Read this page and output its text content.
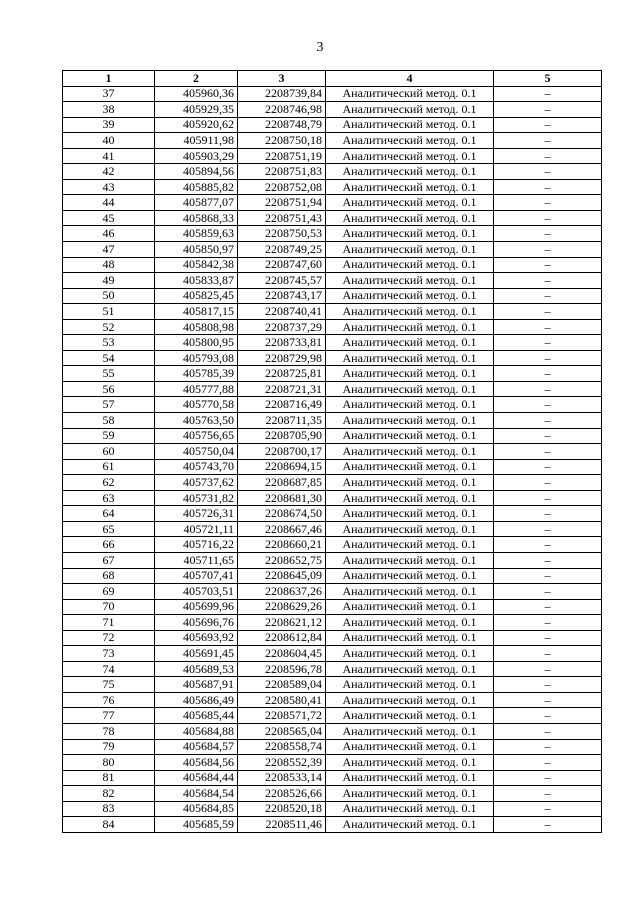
3
1	2	3	4	5
37	405960,36	2208739,84	Аналитический метод. 0.1	–
38	405929,35	2208746,98	Аналитический метод. 0.1	–
39	405920,62	2208748,79	Аналитический метод. 0.1	–
40	405911,98	2208750,18	Аналитический метод. 0.1	–
41	405903,29	2208751,19	Аналитический метод. 0.1	–
42	405894,56	2208751,83	Аналитический метод. 0.1	–
43	405885,82	2208752,08	Аналитический метод. 0.1	–
44	405877,07	2208751,94	Аналитический метод. 0.1	–
45	405868,33	2208751,43	Аналитический метод. 0.1	–
46	405859,63	2208750,53	Аналитический метод. 0.1	–
47	405850,97	2208749,25	Аналитический метод. 0.1	–
48	405842,38	2208747,60	Аналитический метод. 0.1	–
49	405833,87	2208745,57	Аналитический метод. 0.1	–
50	405825,45	2208743,17	Аналитический метод. 0.1	–
51	405817,15	2208740,41	Аналитический метод. 0.1	–
52	405808,98	2208737,29	Аналитический метод. 0.1	–
53	405800,95	2208733,81	Аналитический метод. 0.1	–
54	405793,08	2208729,98	Аналитический метод. 0.1	–
55	405785,39	2208725,81	Аналитический метод. 0.1	–
56	405777,88	2208721,31	Аналитический метод. 0.1	–
57	405770,58	2208716,49	Аналитический метод. 0.1	–
58	405763,50	2208711,35	Аналитический метод. 0.1	–
59	405756,65	2208705,90	Аналитический метод. 0.1	–
60	405750,04	2208700,17	Аналитический метод. 0.1	–
61	405743,70	2208694,15	Аналитический метод. 0.1	–
62	405737,62	2208687,85	Аналитический метод. 0.1	–
63	405731,82	2208681,30	Аналитический метод. 0.1	–
64	405726,31	2208674,50	Аналитический метод. 0.1	–
65	405721,11	2208667,46	Аналитический метод. 0.1	–
66	405716,22	2208660,21	Аналитический метод. 0.1	–
67	405711,65	2208652,75	Аналитический метод. 0.1	–
68	405707,41	2208645,09	Аналитический метод. 0.1	–
69	405703,51	2208637,26	Аналитический метод. 0.1	–
70	405699,96	2208629,26	Аналитический метод. 0.1	–
71	405696,76	2208621,12	Аналитический метод. 0.1	–
72	405693,92	2208612,84	Аналитический метод. 0.1	–
73	405691,45	2208604,45	Аналитический метод. 0.1	–
74	405689,53	2208596,78	Аналитический метод. 0.1	–
75	405687,91	2208589,04	Аналитический метод. 0.1	–
76	405686,49	2208580,41	Аналитический метод. 0.1	–
77	405685,44	2208571,72	Аналитический метод. 0.1	–
78	405684,88	2208565,04	Аналитический метод. 0.1	–
79	405684,57	2208558,74	Аналитический метод. 0.1	–
80	405684,56	2208552,39	Аналитический метод. 0.1	–
81	405684,44	2208533,14	Аналитический метод. 0.1	–
82	405684,54	2208526,66	Аналитический метод. 0.1	–
83	405684,85	2208520,18	Аналитический метод. 0.1	–
84	405685,59	2208511,46	Аналитический метод. 0.1	–
